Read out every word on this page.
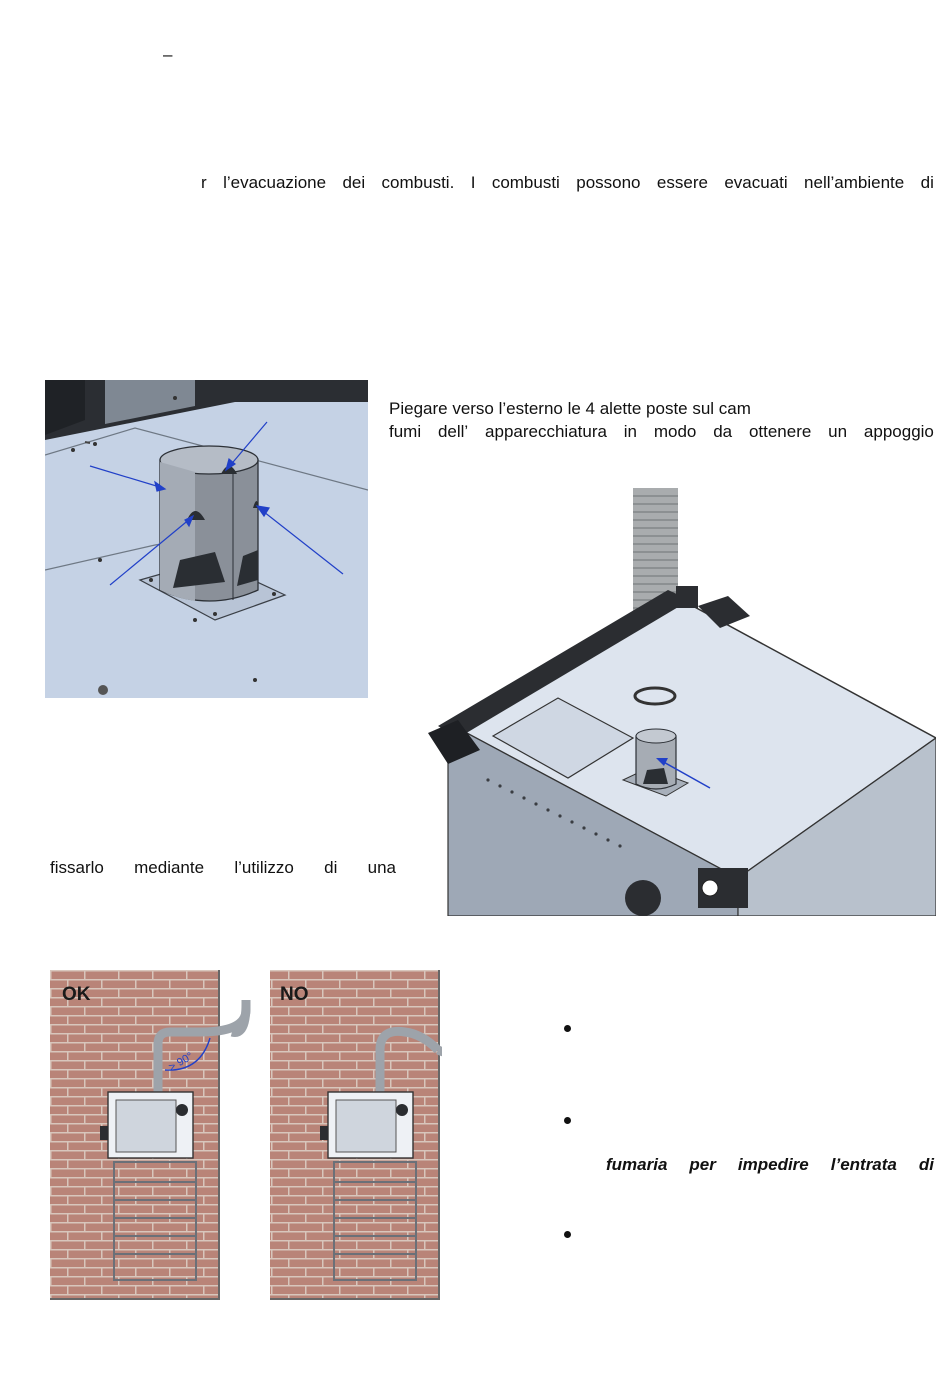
–
r l’evacuazione dei combusti. I combusti possono essere evacuati nell’ambiente di
Piegare verso l’esterno le 4 alette poste sul cam
fumi dell’ apparecchiatura in modo da ottenere un appoggio
fissarlo mediante l’utilizzo di una
OK	NO
> 90°
fumaria per impedire l’entrata di
